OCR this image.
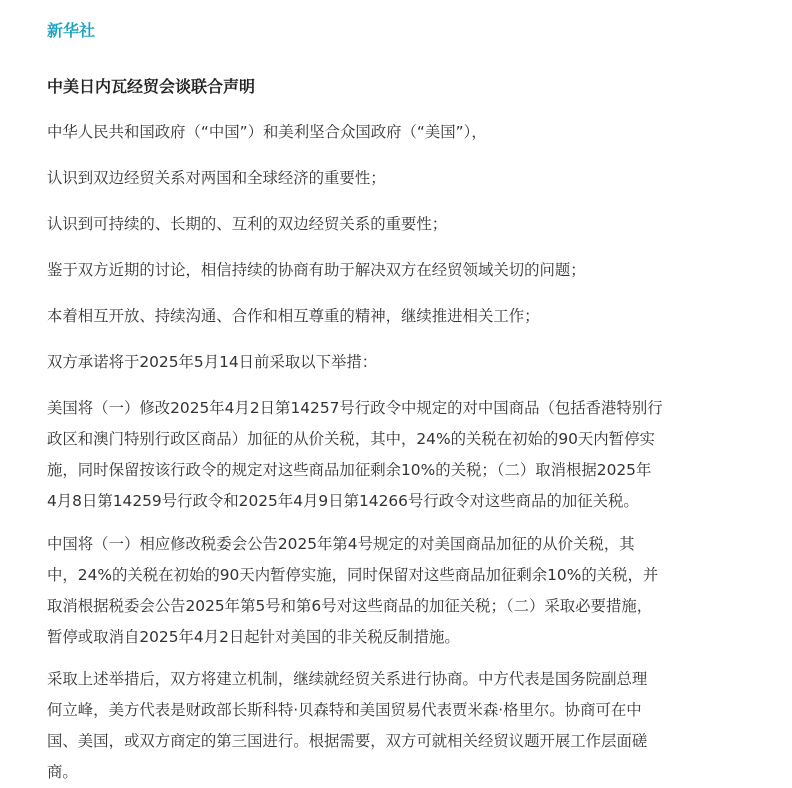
新华社
中美日内瓦经贸会谈联合声明
中华人民共和国政府（“中国”）和美利坚合众国政府（“美国”），
认识到双边经贸关系对两国和全球经济的重要性；
认识到可持续的、长期的、互利的双边经贸关系的重要性；
鉴于双方近期的讨论，相信持续的协商有助于解决双方在经贸领域关切的问题；
本着相互开放、持续沟通、合作和相互尊重的精神，继续推进相关工作；
双方承诺将于2025年5月14日前采取以下举措：
美国将（一）修改2025年4月2日第14257号行政令中规定的对中国商品（包括香港特别行
政区和澳门特别行政区商品）加征的从价关税，其中，24%的关税在初始的90天内暂停实
施，同时保留按该行政令的规定对这些商品加征剩余10%的关税；（二）取消根据2025年
4月8日第14259号行政令和2025年4月9日第14266号行政令对这些商品的加征关税。
中国将（一）相应修改税委会公告2025年第4号规定的对美国商品加征的从价关税，其
中，24%的关税在初始的90天内暂停实施，同时保留对这些商品加征剩余10%的关税，并
取消根据税委会公告2025年第5号和第6号对这些商品的加征关税；（二）采取必要措施，
暂停或取消自2025年4月2日起针对美国的非关税反制措施。
采取上述举措后，双方将建立机制，继续就经贸关系进行协商。中方代表是国务院副总理
何立峰，美方代表是财政部长斯科特·贝森特和美国贸易代表贾米森·格里尔。协商可在中
国、美国，或双方商定的第三国进行。根据需要，双方可就相关经贸议题开展工作层面磋
商。
